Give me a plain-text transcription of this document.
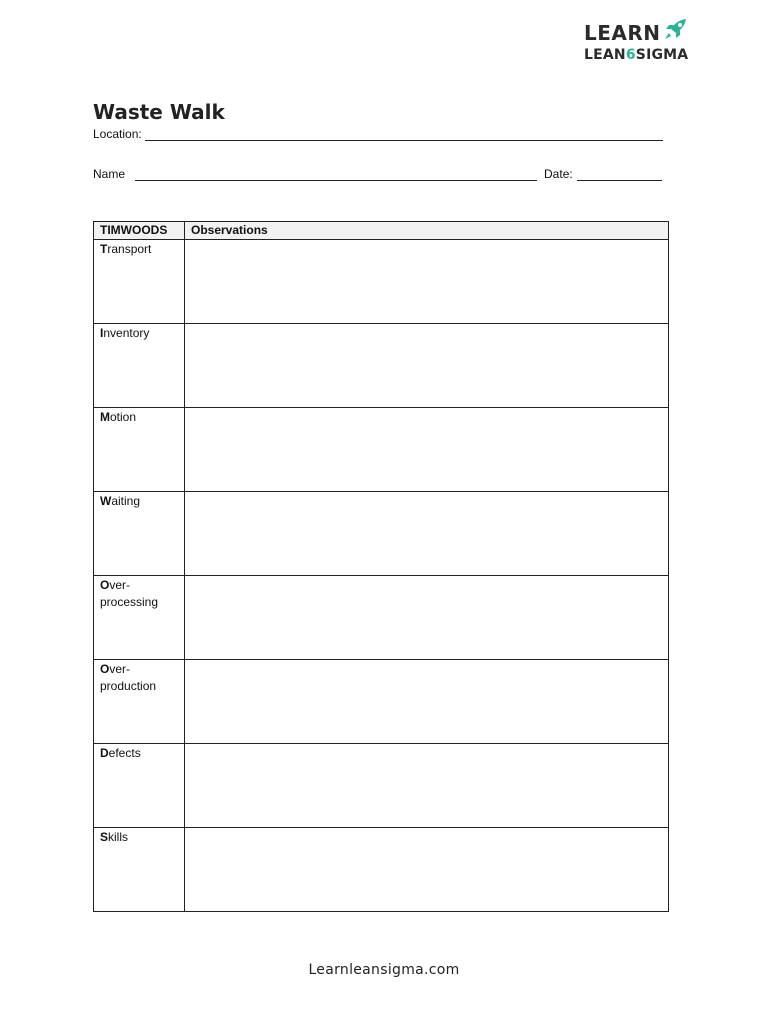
LEARN
LEAN6SIGMA
Waste Walk
Location:
Name	Date:
TIMWOODS	Observations
Transport	
Inventory	
Motion	
Waiting	
Over-processing	
Over-production	
Defects	
Skills	
Learnleansigma.com
